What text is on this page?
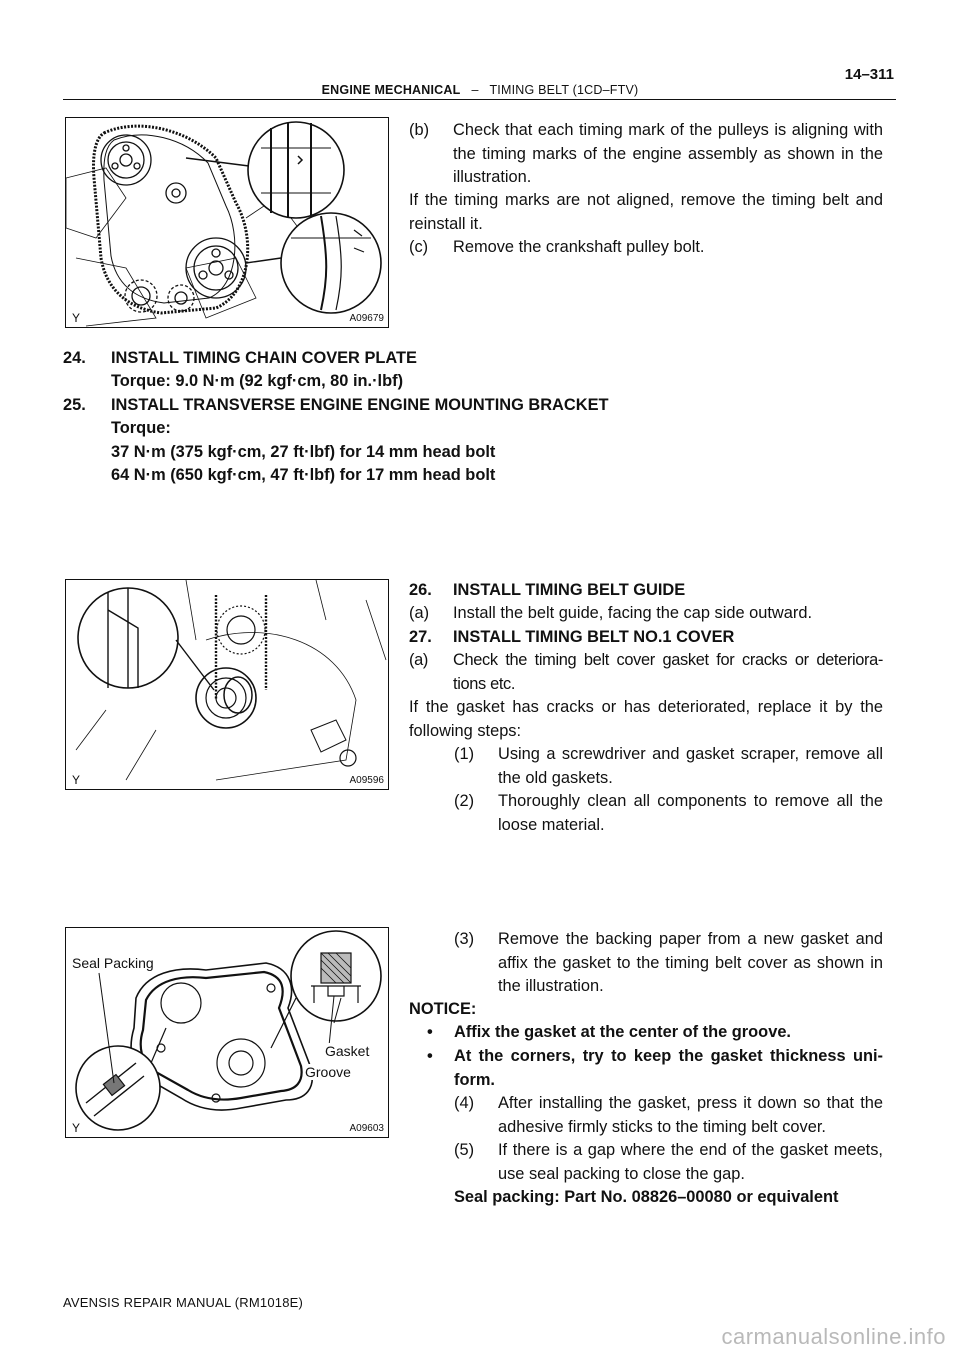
14–311
ENGINE MECHANICAL – TIMING BELT (1CD–FTV)
Y	A09679
Y	A09596
Seal Packing
Gasket
Groove
Y	A09603
(b) Check that each timing mark of the pulleys is aligning with the timing marks of the engine assembly as shown in the illustration.
If the timing marks are not aligned, remove the timing belt and reinstall it.
(c) Remove the crankshaft pulley bolt.
24. INSTALL TIMING CHAIN COVER PLATE
Torque: 9.0 N·m (92 kgf·cm, 80 in.·lbf)
25. INSTALL TRANSVERSE ENGINE ENGINE MOUNTING BRACKET
Torque:
37 N·m (375 kgf·cm, 27 ft·lbf) for 14 mm head bolt
64 N·m (650 kgf·cm, 47 ft·lbf) for 17 mm head bolt
26. INSTALL TIMING BELT GUIDE
(a) Install the belt guide, facing the cap side outward.
27. INSTALL TIMING BELT NO.1 COVER
(a) Check the timing belt cover gasket for cracks or deteriora-tions etc.
If the gasket has cracks or has deteriorated, replace it by the following steps:
(1) Using a screwdriver and gasket scraper, remove all the old gaskets.
(2) Thoroughly clean all components to remove all the loose material.
(3) Remove the backing paper from a new gasket and affix the gasket to the timing belt cover as shown in the illustration.
NOTICE:
• Affix the gasket at the center of the groove.
• At the corners, try to keep the gasket thickness uni-form.
(4) After installing the gasket, press it down so that the adhesive firmly sticks to the timing belt cover.
(5) If there is a gap where the end of the gasket meets, use seal packing to close the gap.
Seal packing: Part No. 08826–00080 or equivalent
AVENSIS REPAIR MANUAL (RM1018E)
carmanualsonline.info
